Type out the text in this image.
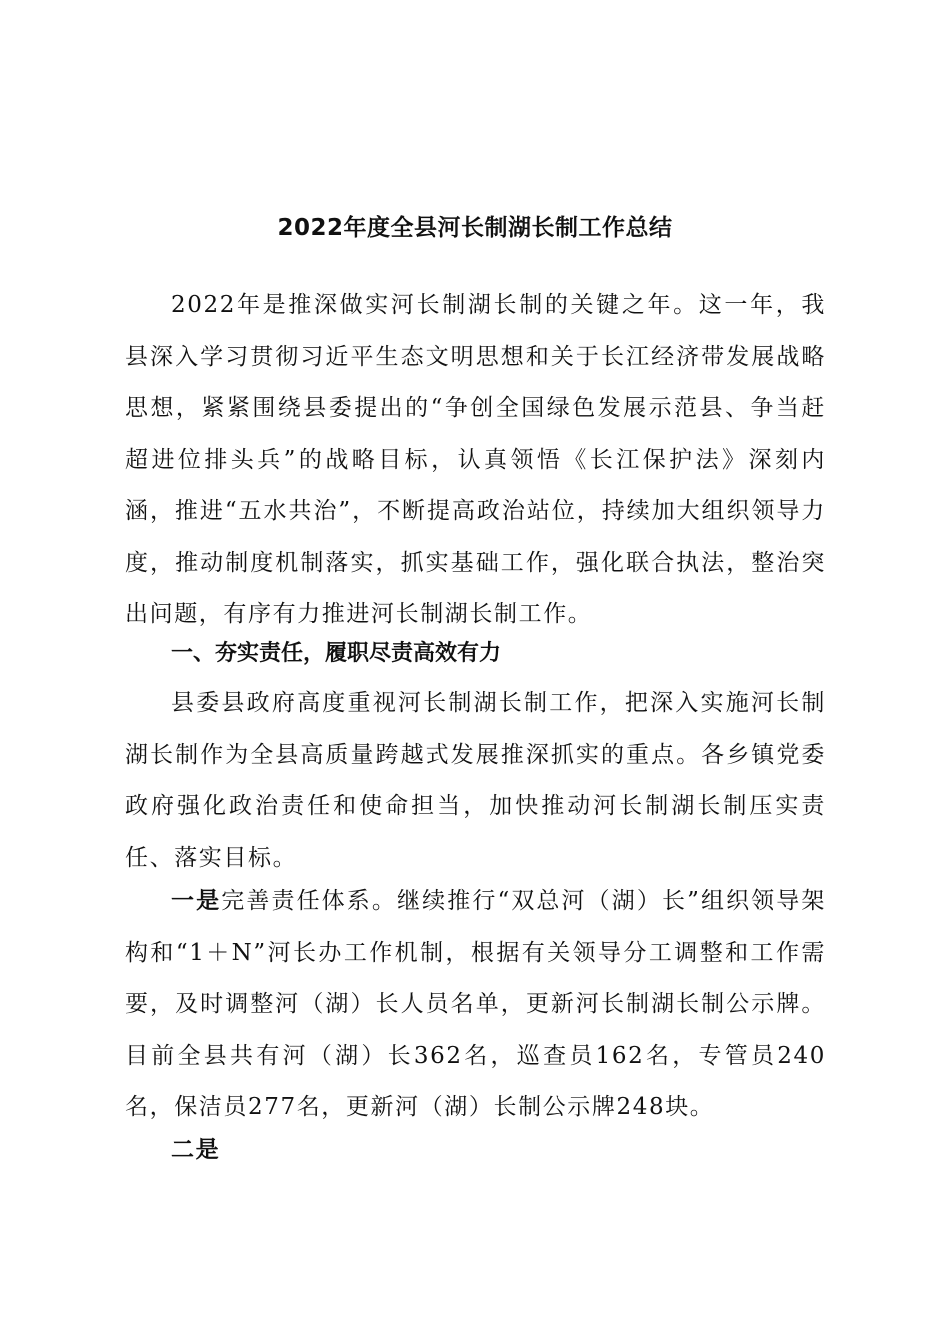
2022年度全县河长制湖长制工作总结

2022年是推深做实河长制湖长制的关键之年。这一年，我县深入学习贯彻习近平生态文明思想和关于长江经济带发展战略思想，紧紧围绕县委提出的“争创全国绿色发展示范县、争当赶超进位排头兵”的战略目标，认真领悟《长江保护法》深刻内涵，推进“五水共治”，不断提高政治站位，持续加大组织领导力度，推动制度机制落实，抓实基础工作，强化联合执法，整治突出问题，有序有力推进河长制湖长制工作。

一、夯实责任，履职尽责高效有力

县委县政府高度重视河长制湖长制工作，把深入实施河长制湖长制作为全县高质量跨越式发展推深抓实的重点。各乡镇党委政府强化政治责任和使命担当，加快推动河长制湖长制压实责任、落实目标。

一是完善责任体系。继续推行“双总河（湖）长”组织领导架构和“1＋N”河长办工作机制，根据有关领导分工调整和工作需要，及时调整河（湖）长人员名单，更新河长制湖长制公示牌。目前全县共有河（湖）长362名，巡查员162名，专管员240名，保洁员277名，更新河（湖）长制公示牌248块。

二是
